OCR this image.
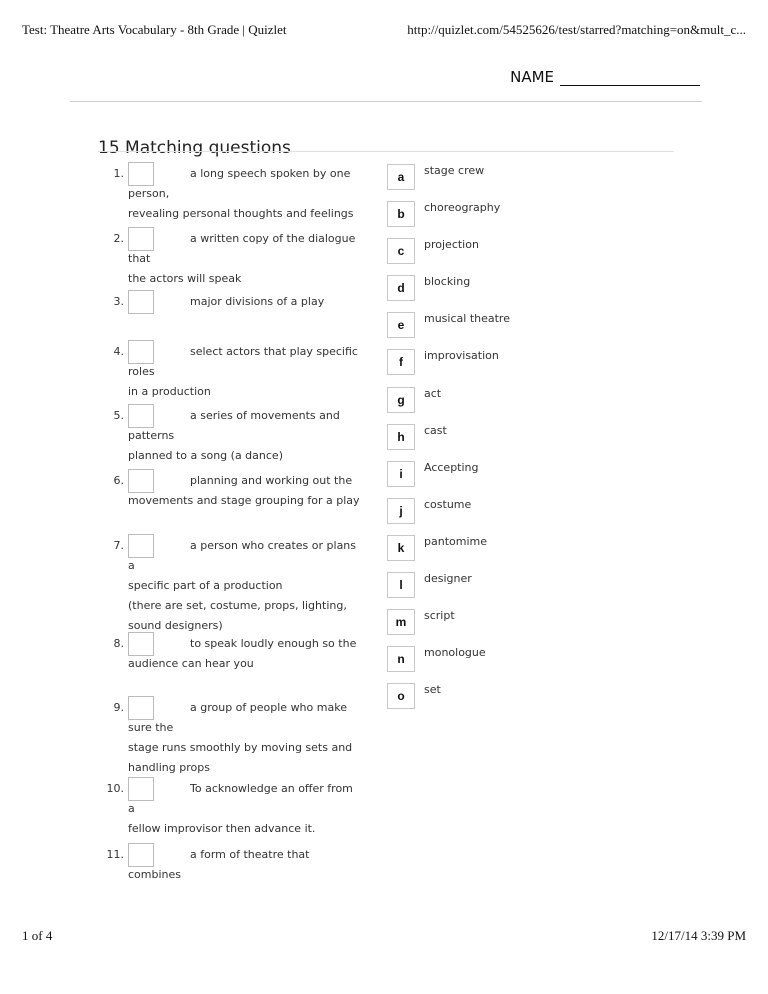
Test: Theatre Arts Vocabulary - 8th Grade | Quizlet	http://quizlet.com/54525626/test/starred?matching=on&mult_c...
NAME
15 Matching questions
1.	a long speech spoken by one person,
revealing personal thoughts and feelings

2.	a written copy of the dialogue that
the actors will speak

3.	major divisions of a play

4.	select actors that play specific roles
in a production

5.	a series of movements and patterns
planned to a song (a dance)

6.	planning and working out the
movements and stage grouping for a play

7.	a person who creates or plans a
specific part of a production
(there are set, costume, props, lighting,
sound designers)

8.	to speak loudly enough so the
audience can hear you

9.	a group of people who make sure the
stage runs smoothly by moving sets and
handling props

10.	To acknowledge an offer from a
fellow improvisor then advance it.

11.	a form of theatre that combines

a	stage crew
b	choreography
c	projection
d	blocking
e	musical theatre
f	improvisation
g	act
h	cast
i	Accepting
j	costume
k	pantomime
l	designer
m	script
n	monologue
o	set
1 of 4	12/17/14 3:39 PM
